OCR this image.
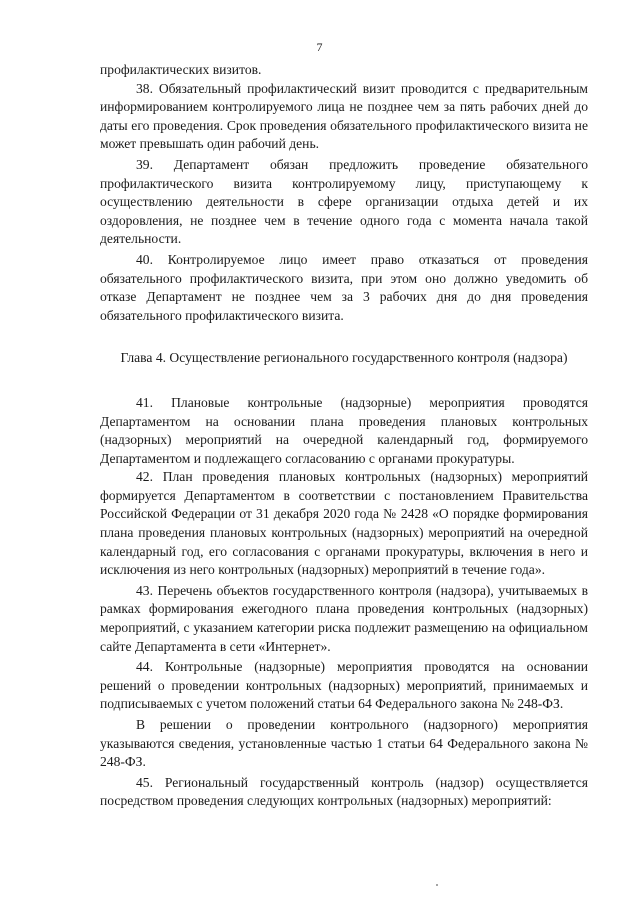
7

профилактических визитов.

38. Обязательный профилактический визит проводится с предварительным информированием контролируемого лица не позднее чем за пять рабочих дней до даты его проведения. Срок проведения обязательного профилактического визита не может превышать один рабочий день.

39. Департамент обязан предложить проведение обязательного профилактического визита контролируемому лицу, приступающему к осуществлению деятельности в сфере организации отдыха детей и их оздоровления, не позднее чем в течение одного года с момента начала такой деятельности.

40. Контролируемое лицо имеет право отказаться от проведения обязательного профилактического визита, при этом оно должно уведомить об отказе Департамент не позднее чем за 3 рабочих дня до дня проведения обязательного профилактического визита.

Глава 4. Осуществление регионального государственного контроля (надзора)

41. Плановые контрольные (надзорные) мероприятия проводятся Департаментом на основании плана проведения плановых контрольных (надзорных) мероприятий на очередной календарный год, формируемого Департаментом и подлежащего согласованию с органами прокуратуры.

42. План проведения плановых контрольных (надзорных) мероприятий формируется Департаментом в соответствии с постановлением Правительства Российской Федерации от 31 декабря 2020 года № 2428 «О порядке формирования плана проведения плановых контрольных (надзорных) мероприятий на очередной календарный год, его согласования с органами прокуратуры, включения в него и исключения из него контрольных (надзорных) мероприятий в течение года».

43. Перечень объектов государственного контроля (надзора), учитываемых в рамках формирования ежегодного плана проведения контрольных (надзорных) мероприятий, с указанием категории риска подлежит размещению на официальном сайте Департамента в сети «Интернет».

44. Контрольные (надзорные) мероприятия проводятся на основании решений о проведении контрольных (надзорных) мероприятий, принимаемых и подписываемых с учетом положений статьи 64 Федерального закона № 248-ФЗ.

В решении о проведении контрольного (надзорного) мероприятия указываются сведения, установленные частью 1 статьи 64 Федерального закона № 248-ФЗ.

45. Региональный государственный контроль (надзор) осуществляется посредством проведения следующих контрольных (надзорных) мероприятий:
